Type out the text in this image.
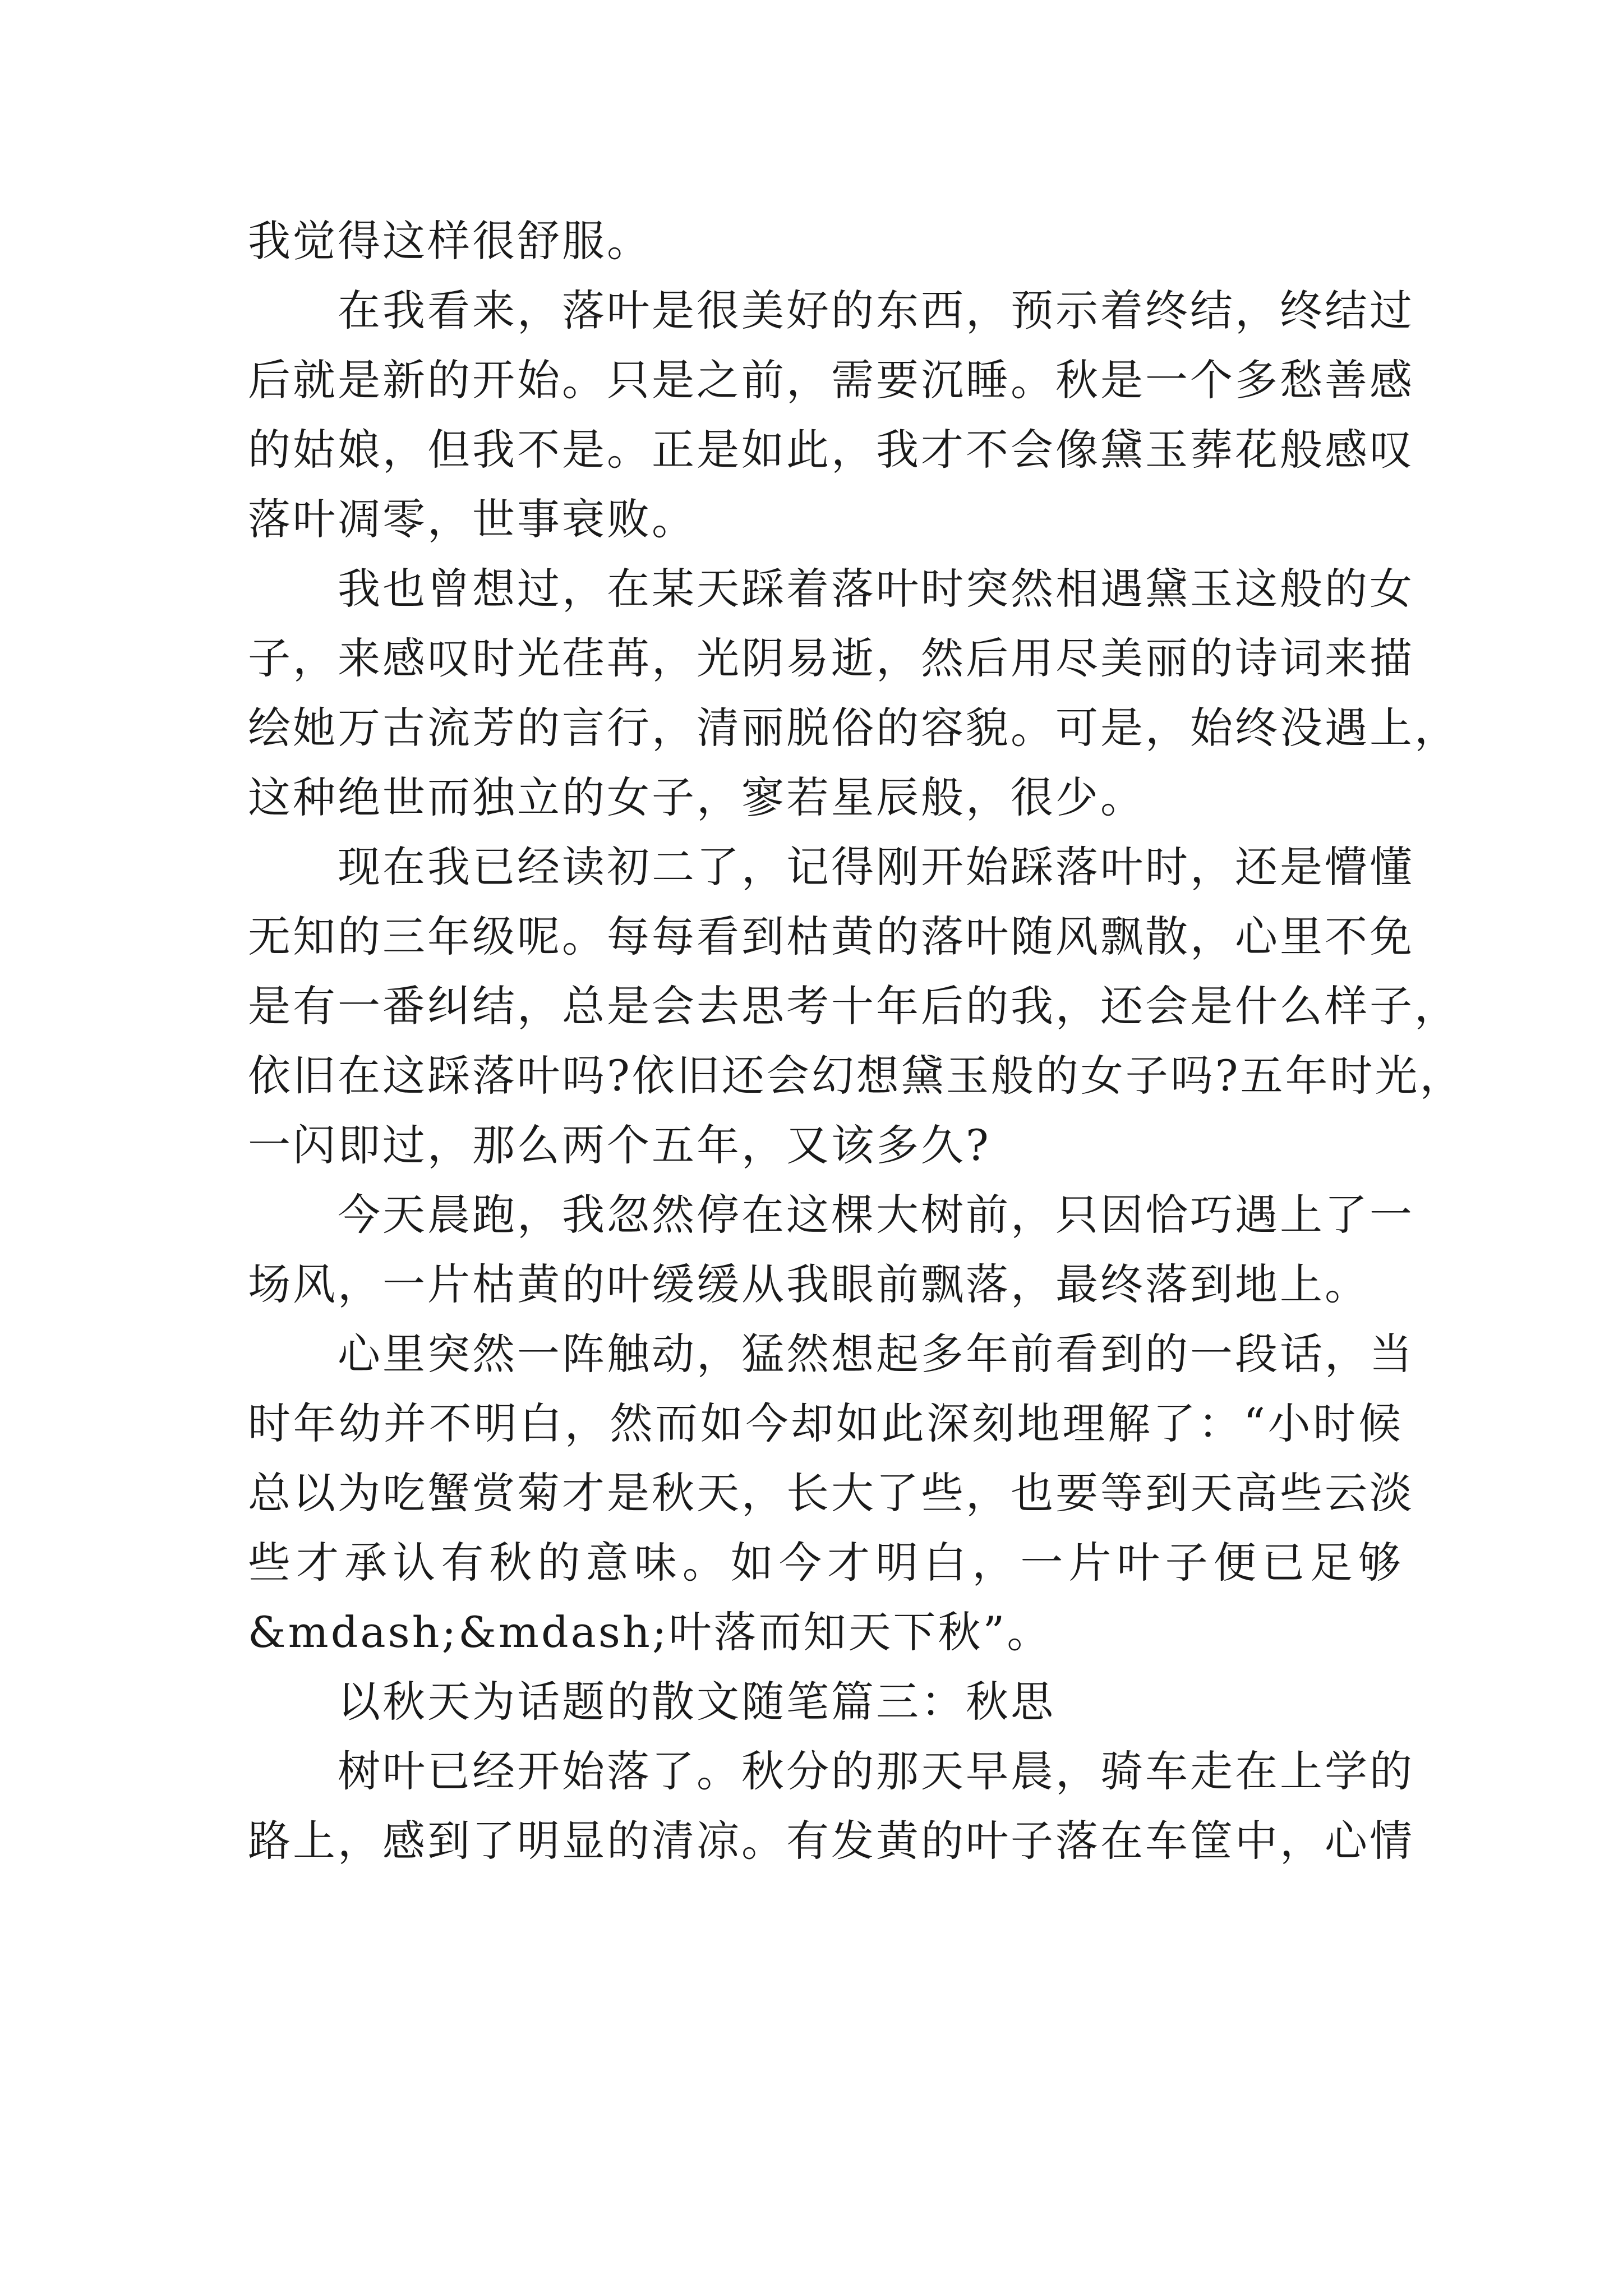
我觉得这样很舒服。

在我看来，落叶是很美好的东西，预示着终结，终结过
后就是新的开始。只是之前，需要沉睡。秋是一个多愁善感
的姑娘，但我不是。正是如此，我才不会像黛玉葬花般感叹
落叶凋零，世事衰败。

我也曾想过，在某天踩着落叶时突然相遇黛玉这般的女
子，来感叹时光荏苒，光阴易逝，然后用尽美丽的诗词来描
绘她万古流芳的言行，清丽脱俗的容貌。可是，始终没遇上，
这种绝世而独立的女子，寥若星辰般，很少。

现在我已经读初二了，记得刚开始踩落叶时，还是懵懂
无知的三年级呢。每每看到枯黄的落叶随风飘散，心里不免
是有一番纠结，总是会去思考十年后的我，还会是什么样子，
依旧在这踩落叶吗?依旧还会幻想黛玉般的女子吗?五年时光，
一闪即过，那么两个五年，又该多久?

今天晨跑，我忽然停在这棵大树前，只因恰巧遇上了一
场风，一片枯黄的叶缓缓从我眼前飘落，最终落到地上。

心里突然一阵触动，猛然想起多年前看到的一段话，当
时年幼并不明白，然而如今却如此深刻地理解了：“小时候
总以为吃蟹赏菊才是秋天，长大了些，也要等到天高些云淡
些才承认有秋的意味。如今才明白，一片叶子便已足够
&mdash;&mdash;叶落而知天下秋”。

以秋天为话题的散文随笔篇三：秋思

树叶已经开始落了。秋分的那天早晨，骑车走在上学的
路上，感到了明显的清凉。有发黄的叶子落在车筐中，心情
